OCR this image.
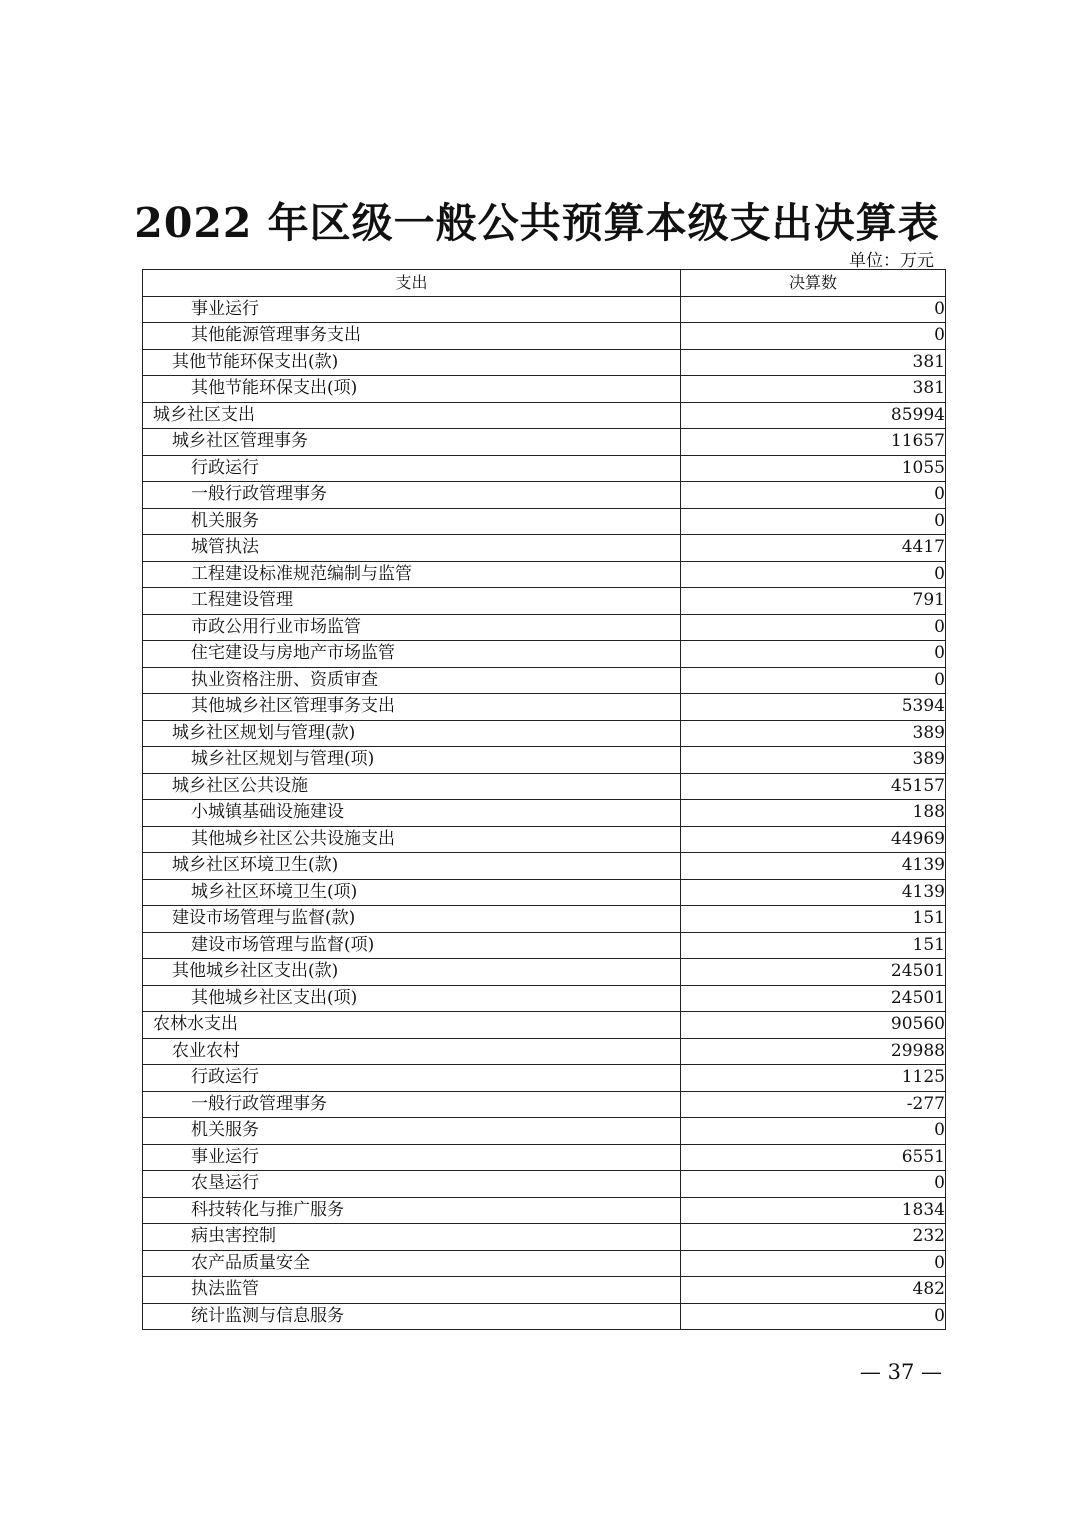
2022 年区级一般公共预算本级支出决算表
单位：万元
支出	决算数
事业运行	0
其他能源管理事务支出	0
其他节能环保支出(款)	381
其他节能环保支出(项)	381
城乡社区支出	85994
城乡社区管理事务	11657
行政运行	1055
一般行政管理事务	0
机关服务	0
城管执法	4417
工程建设标准规范编制与监管	0
工程建设管理	791
市政公用行业市场监管	0
住宅建设与房地产市场监管	0
执业资格注册、资质审查	0
其他城乡社区管理事务支出	5394
城乡社区规划与管理(款)	389
城乡社区规划与管理(项)	389
城乡社区公共设施	45157
小城镇基础设施建设	188
其他城乡社区公共设施支出	44969
城乡社区环境卫生(款)	4139
城乡社区环境卫生(项)	4139
建设市场管理与监督(款)	151
建设市场管理与监督(项)	151
其他城乡社区支出(款)	24501
其他城乡社区支出(项)	24501
农林水支出	90560
农业农村	29988
行政运行	1125
一般行政管理事务	-277
机关服务	0
事业运行	6551
农垦运行	0
科技转化与推广服务	1834
病虫害控制	232
农产品质量安全	0
执法监管	482
统计监测与信息服务	0
— 37 —
